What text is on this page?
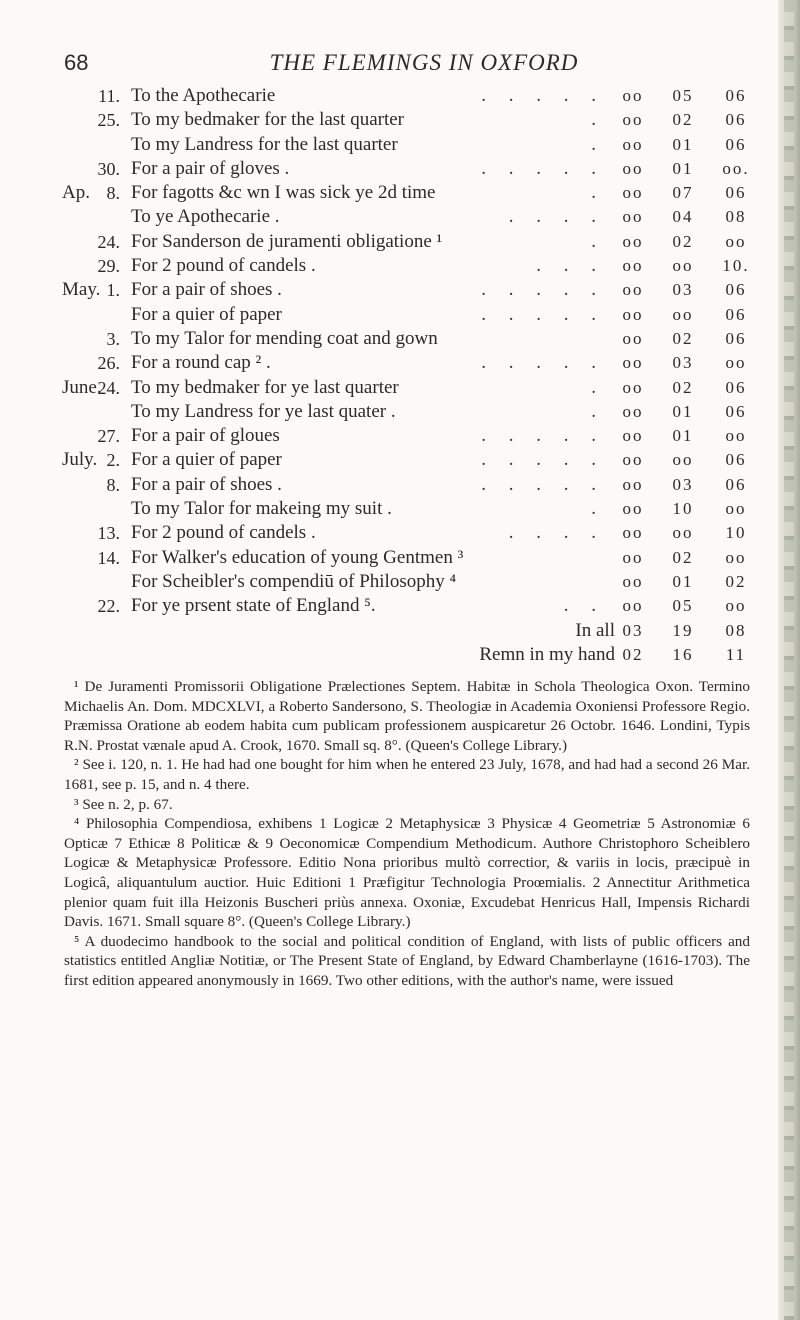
68	THE FLEMINGS IN OXFORD
11. To the Apothecarie	oo	05	06
. . . . .
25. To my bedmaker for the last quarter	oo	02	06
.
To my Landress for the last quarter	oo	01	06
.
30. For a pair of gloves .	oo	01	oo.
. . . . .
Ap. 8. For fagotts &c wn I was sick ye 2d time	oo	07	06
.
To ye Apothecarie .	oo	04	08
. . . .
24. For Sanderson de juramenti obligatione ¹	oo	02	oo
.
29. For 2 pound of candels .	oo	oo	10.
. . .
May. 1. For a pair of shoes .	oo	03	06
. . . . .
For a quier of paper	oo	oo	06
. . . . .
3. To my Talor for mending coat and gown	oo	02	06
26. For a round cap ² .	oo	03	oo
. . . . .
June.
24. To my bedmaker for ye last quarter	oo	02	06
.
To my Landress for ye last quater .	oo	01	06
.
27. For a pair of gloues	oo	01	oo
. . . . .
July. 2. For a quier of paper	oo	oo	06
. . . . .
8. For a pair of shoes .	oo	03	06
. . . . .
To my Talor for makeing my suit .	oo	10	oo
.
13. For 2 pound of candels .	oo	oo	10
. . . .
14. For Walker's education of young Gentmen ³	oo	02	oo
For Scheibler's compendiū of Philosophy ⁴	oo	01	02
22. For ye prsent state of England ⁵.	oo	05	oo
. .
In all 03	19	08
Remn in my hand 02	16	11

¹ De Juramenti Promissorii Obligatione Prælectiones Septem. Habitæ in Schola Theologica Oxon. Termino Michaelis An. Dom. MDCXLVI, a Roberto Sandersono, S. Theologiæ in Academia Oxoniensi Professore Regio. Præmissa Oratione ab eodem habita cum publicam professionem auspicaretur 26 Octobr. 1646. Londini, Typis R.N. Prostat vænale apud A. Crook, 1670. Small sq. 8°. (Queen's College Library.)

² See i. 120, n. 1. He had had one bought for him when he entered 23 July, 1678, and had had a second 26 Mar. 1681, see p. 15, and n. 4 there.

³ See n. 2, p. 67.

⁴ Philosophia Compendiosa, exhibens 1 Logicæ 2 Metaphysicæ 3 Physicæ 4 Geometriæ 5 Astronomiæ 6 Opticæ 7 Ethicæ 8 Politicæ & 9 Oeconomicæ Compendium Methodicum. Authore Christophoro Scheiblero Logicæ & Metaphysicæ Professore. Editio Nona prioribus multò correctior, & variis in locis, præcipuè in Logicâ, aliquantulum auctior. Huic Editioni 1 Præfigitur Technologia Proœmialis. 2 Annectitur Arithmetica plenior quam fuit illa Heizonis Buscheri priùs annexa. Oxoniæ, Excudebat Henricus Hall, Impensis Richardi Davis. 1671. Small square 8°. (Queen's College Library.)

⁵ A duodecimo handbook to the social and political condition of England, with lists of public officers and statistics entitled Angliæ Notitiæ, or The Present State of England, by Edward Chamberlayne (1616-1703). The first edition appeared anonymously in 1669. Two other editions, with the author's name, were issued
